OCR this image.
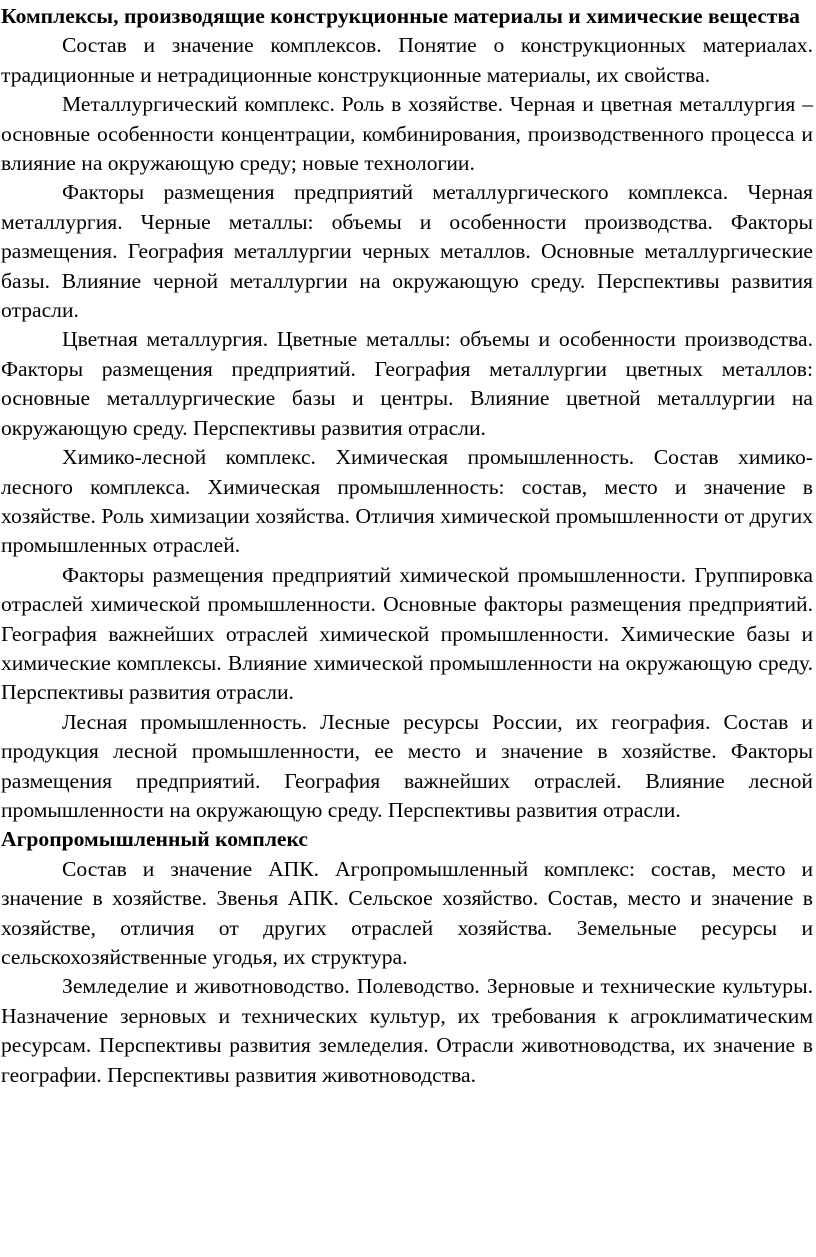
Комплексы, производящие конструкционные материалы и химические вещества

Состав и значение комплексов. Понятие о конструкционных материалах. традиционные и нетрадиционные конструкционные материалы, их свойства.

Металлургический комплекс. Роль в хозяйстве. Черная и цветная металлургия – основные особенности концентрации, комбинирования, производственного процесса и влияние на окружающую среду; новые технологии.

Факторы размещения предприятий металлургического комплекса. Черная металлургия. Черные металлы: объемы и особенности производства. Факторы размещения. География металлургии черных металлов. Основные металлургические базы. Влияние черной металлургии на окружающую среду. Перспективы развития отрасли.

Цветная металлургия. Цветные металлы: объемы и особенности производства. Факторы размещения предприятий. География металлургии цветных металлов: основные металлургические базы и центры. Влияние цветной металлургии на окружающую среду. Перспективы развития отрасли.

Химико-лесной комплекс. Химическая промышленность. Состав химико-лесного комплекса. Химическая промышленность: состав, место и значение в хозяйстве. Роль химизации хозяйства. Отличия химической промышленности от других промышленных отраслей.

Факторы размещения предприятий химической промышленности. Группировка отраслей химической промышленности. Основные факторы размещения предприятий. География важнейших отраслей химической промышленности. Химические базы и химические комплексы. Влияние химической промышленности на окружающую среду. Перспективы развития отрасли.

Лесная промышленность. Лесные ресурсы России, их география. Состав и продукция лесной промышленности, ее место и значение в хозяйстве. Факторы размещения предприятий. География важнейших отраслей. Влияние лесной промышленности на окружающую среду. Перспективы развития отрасли.

Агропромышленный комплекс

Состав и значение АПК. Агропромышленный комплекс: состав, место и значение в хозяйстве. Звенья АПК. Сельское хозяйство. Состав, место и значение в хозяйстве, отличия от других отраслей хозяйства. Земельные ресурсы и сельскохозяйственные угодья, их структура.

Земледелие и животноводство. Полеводство. Зерновые и технические культуры. Назначение зерновых и технических культур, их требования к агроклиматическим ресурсам. Перспективы развития земледелия. Отрасли животноводства, их значение в географии. Перспективы развития животноводства.
